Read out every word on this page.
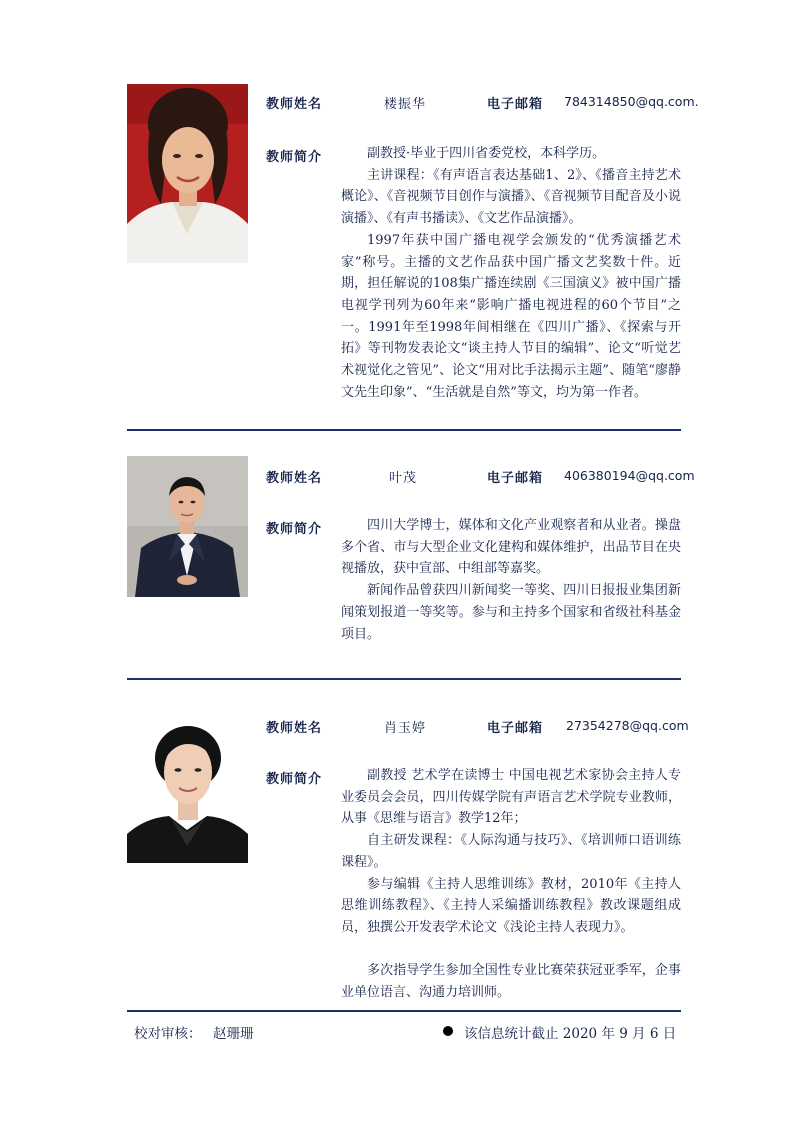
教师姓名	楼振华	电子邮箱 784314850@qq.com.
教师简介	副教授·毕业于四川省委党校，本科学历。

主讲课程：《有声语言表达基础1、2》、《播音主持艺术概论》、《音视频节目创作与演播》、《音视频节目配音及小说演播》、《有声书播读》、《文艺作品演播》。

1997年获中国广播电视学会颁发的“优秀演播艺术家”称号。主播的文艺作品获中国广播文艺奖数十件。近期，担任解说的108集广播连续剧《三国演义》被中国广播电视学刊列为60年来“影响广播电视进程的60个节目”之一。1991年至1998年间相继在《四川广播》、《探索与开拓》等刊物发表论文“谈主持人节目的编辑”、论文“听觉艺术视觉化之管见”、论文“用对比手法揭示主题”、随笔“廖静文先生印象”、“生活就是自然”等文，均为第一作者。

教师姓名	叶茂	电子邮箱 406380194@qq.com
教师简介	四川大学博士，媒体和文化产业观察者和从业者。操盘多个省、市与大型企业文化建构和媒体维护，出品节目在央视播放，获中宣部、中组部等嘉奖。

新闻作品曾获四川新闻奖一等奖、四川日报报业集团新闻策划报道一等奖等。参与和主持多个国家和省级社科基金项目。

教师姓名	肖玉婷	电子邮箱 27354278@qq.com
教师简介	副教授 艺术学在读博士 中国电视艺术家协会主持人专业委员会会员，四川传媒学院有声语言艺术学院专业教师，从事《思维与语言》教学12年；

自主研发课程：《人际沟通与技巧》、《培训师口语训练课程》。

参与编辑《主持人思维训练》教材，2010年《主持人思维训练教程》、《主持人采编播训练教程》教改课题组成员，独撰公开发表学术论文《浅论主持人表现力》。

多次指导学生参加全国性专业比赛荣获冠亚季军，企事业单位语言、沟通力培训师。

校对审核： 赵珊珊	该信息统计截止 2020 年 9 月 6 日
